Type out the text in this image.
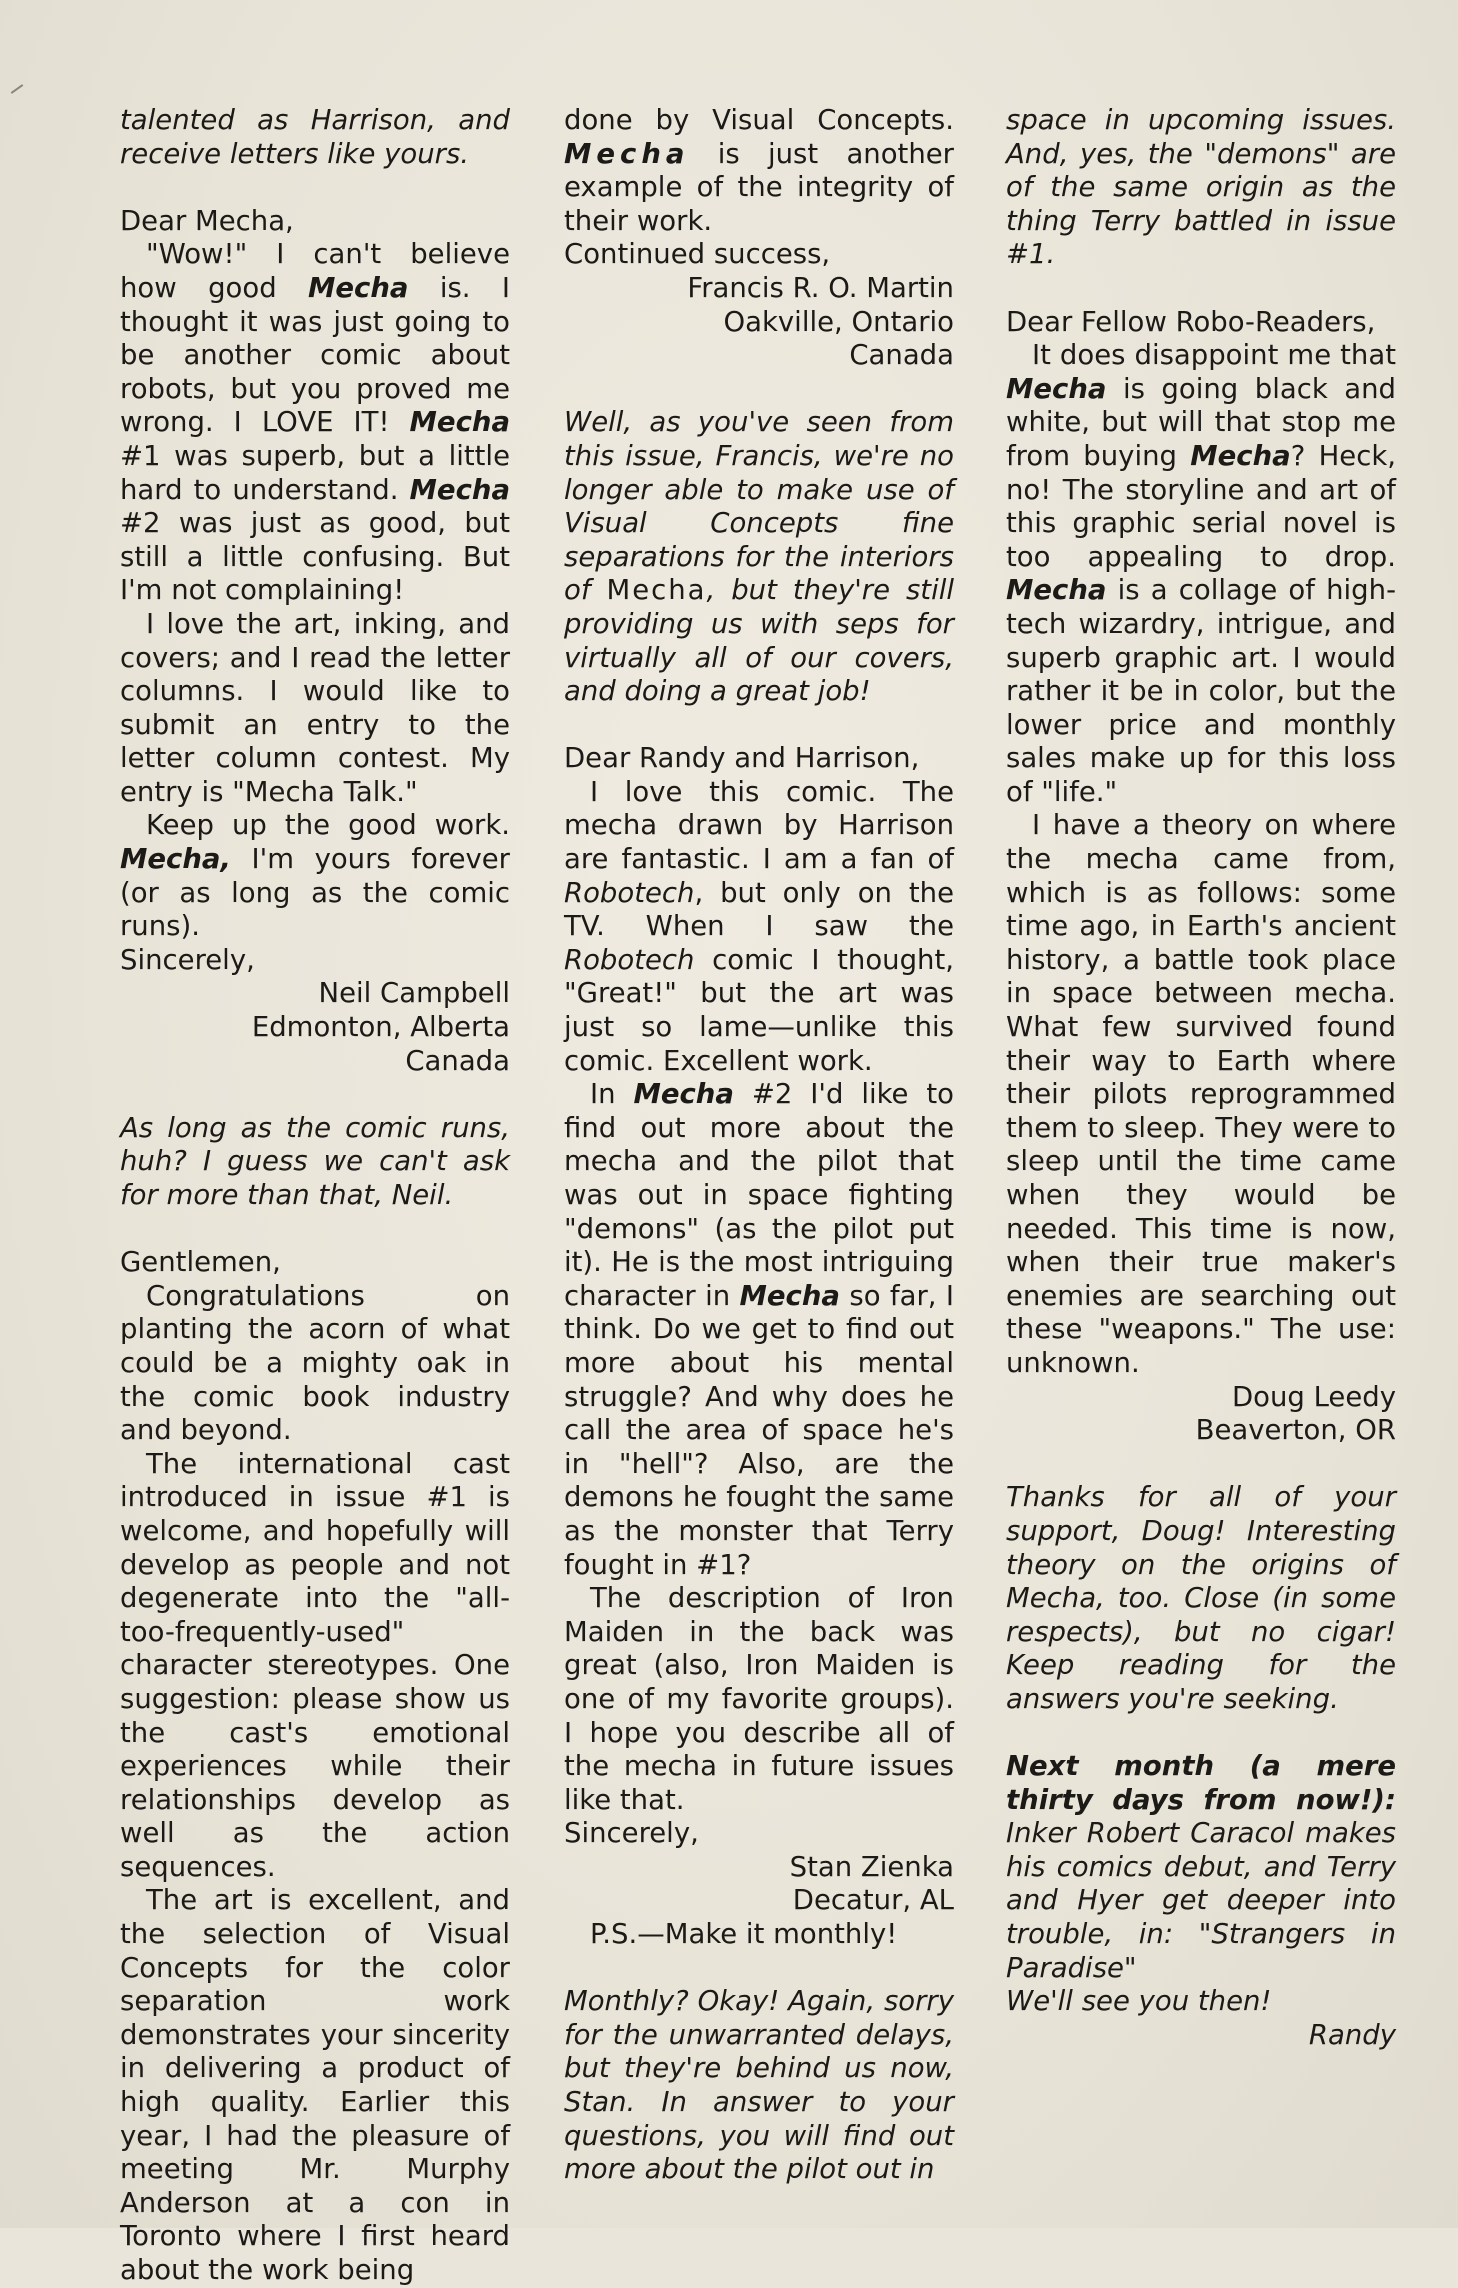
talented as Harrison, and receive letters like yours.

Dear Mecha,

"Wow!" I can't believe how good Mecha is. I thought it was just going to be another comic about robots, but you proved me wrong. I LOVE IT! Mecha #1 was superb, but a little hard to understand. Mecha #2 was just as good, but still a little confusing. But I'm not complaining!

I love the art, inking, and covers; and I read the letter columns. I would like to submit an entry to the letter column contest. My entry is "Mecha Talk."

Keep up the good work. Mecha, I'm yours forever (or as long as the comic runs).

Sincerely,

Neil Campbell

Edmonton, Alberta

Canada

As long as the comic runs, huh? I guess we can't ask for more than that, Neil.

Gentlemen,

Congratulations on planting the acorn of what could be a mighty oak in the comic book industry and beyond.

The international cast introduced in issue #1 is welcome, and hopefully will develop as people and not degenerate into the "all-too-frequently-used" character stereotypes. One suggestion: please show us the cast's emotional experiences while their relationships develop as well as the action sequences.

The art is excellent, and the selection of Visual Concepts for the color separation work demonstrates your sincerity in delivering a product of high quality. Earlier this year, I had the pleasure of meeting Mr. Murphy Anderson at a con in Toronto where I first heard about the work being

done by Visual Concepts. Mecha is just another example of the integrity of their work.

Continued success,

Francis R. O. Martin

Oakville, Ontario

Canada

Well, as you've seen from this issue, Francis, we're no longer able to make use of Visual Concepts fine separations for the interiors of Mecha, but they're still providing us with seps for virtually all of our covers, and doing a great job!

Dear Randy and Harrison,

I love this comic. The mecha drawn by Harrison are fantastic. I am a fan of Robotech, but only on the TV. When I saw the Robotech comic I thought, "Great!" but the art was just so lame—unlike this comic. Excellent work.

In Mecha #2 I'd like to find out more about the mecha and the pilot that was out in space fighting "demons" (as the pilot put it). He is the most intriguing character in Mecha so far, I think. Do we get to find out more about his mental struggle? And why does he call the area of space he's in "hell"? Also, are the demons he fought the same as the monster that Terry fought in #1?

The description of Iron Maiden in the back was great (also, Iron Maiden is one of my favorite groups). I hope you describe all of the mecha in future issues like that.

Sincerely,

Stan Zienka

Decatur, AL

P.S.—Make it monthly!

Monthly? Okay! Again, sorry for the unwarranted delays, but they're behind us now, Stan. In answer to your questions, you will find out more about the pilot out in

space in upcoming issues. And, yes, the "demons" are of the same origin as the thing Terry battled in issue #1.

Dear Fellow Robo-Readers,

It does disappoint me that Mecha is going black and white, but will that stop me from buying Mecha? Heck, no! The storyline and art of this graphic serial novel is too appealing to drop. Mecha is a collage of high-tech wizardry, intrigue, and superb graphic art. I would rather it be in color, but the lower price and monthly sales make up for this loss of "life."

I have a theory on where the mecha came from, which is as follows: some time ago, in Earth's ancient history, a battle took place in space between mecha. What few survived found their way to Earth where their pilots reprogrammed them to sleep. They were to sleep until the time came when they would be needed. This time is now, when their true maker's enemies are searching out these "weapons." The use: unknown.

Doug Leedy

Beaverton, OR

Thanks for all of your support, Doug! Interesting theory on the origins of Mecha, too. Close (in some respects), but no cigar! Keep reading for the answers you're seeking.

Next month (a mere thirty days from now!): Inker Robert Caracol makes his comics debut, and Terry and Hyer get deeper into trouble, in: "Strangers in Paradise"

We'll see you then!

Randy
